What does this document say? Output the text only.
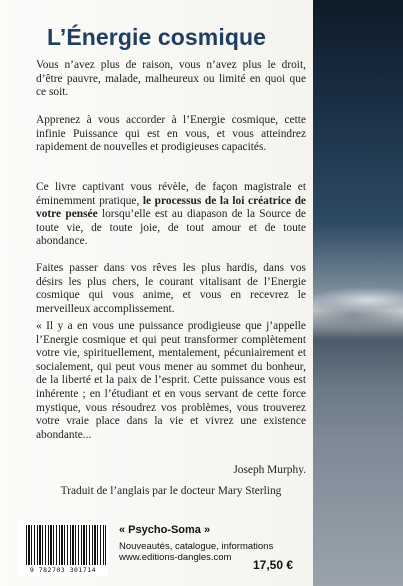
L’Énergie cosmique
Vous n’avez plus de raison, vous n’avez plus le droit, d’être pauvre, malade, malheureux ou limité en quoi que ce soit.
Apprenez à vous accorder à l’Energie cosmique, cette infinie Puissance qui est en vous, et vous atteindrez rapidement de nouvelles et prodigieuses capacités.
Ce livre captivant vous révèle, de façon magistrale et éminemment pratique, le processus de la loi créatrice de votre pensée lorsqu’elle est au diapason de la Source de toute vie, de toute joie, de tout amour et de toute abondance.
Faites passer dans vos rêves les plus hardis, dans vos désirs les plus chers, le courant vitalisant de l’Energie cosmique qui vous anime, et vous en recevrez le merveilleux accomplissement.
« Il y a en vous une puissance prodigieuse que j’appelle l’Energie cosmique et qui peut transformer complètement votre vie, spirituellement, mentalement, pécuniairement et socialement, qui peut vous mener au sommet du bonheur, de la liberté et la paix de l’esprit. Cette puissance vous est inhérente ; en l’étudiant et en vous servant de cette force mystique, vous résoudrez vos problèmes, vous trouverez votre vraie place dans la vie et vivrez une existence abondante...
Joseph Murphy.
Traduit de l’anglais par le docteur Mary Sterling
9 782703 301714
« Psycho-Soma »
Nouveautés, catalogue, informations
www.editions-dangles.com
17,50 €
